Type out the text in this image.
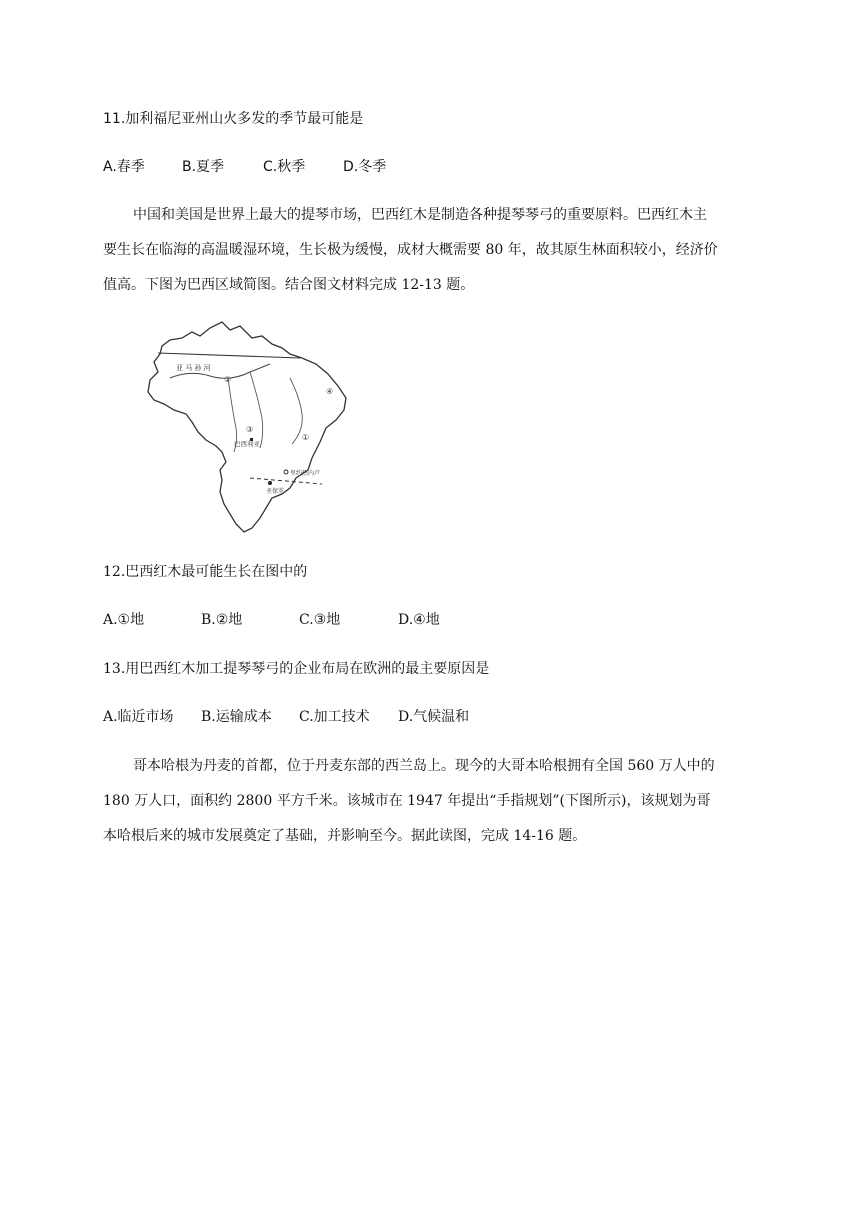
11.加利福尼亚州山火多发的季节最可能是
A.春季	B.夏季	C.秋季	D.冬季
中国和美国是世界上最大的提琴市场，巴西红木是制造各种提琴琴弓的重要原料。巴西红木主
要生长在临海的高温暖湿环境，生长极为缓慢，成材大概需要 80 年，故其原生林面积较小，经济价
值高。下图为巴西区域简图。结合图文材料完成 12-13 题。
亚 马 孙 河
巴西利亚
里约热内卢
圣保罗
①
②
③
④
12.巴西红木最可能生长在图中的
A.①地	B.②地	C.③地	D.④地
13.用巴西红木加工提琴琴弓的企业布局在欧洲的最主要原因是
A.临近市场 B.运输成本 C.加工技术 D.气候温和
哥本哈根为丹麦的首都，位于丹麦东部的西兰岛上。现今的大哥本哈根拥有全国 560 万人中的
180 万人口，面积约 2800 平方千米。该城市在 1947 年提出“手指规划”(下图所示)，该规划为哥
本哈根后来的城市发展奠定了基础，并影响至今。据此读图，完成 14-16 题。
